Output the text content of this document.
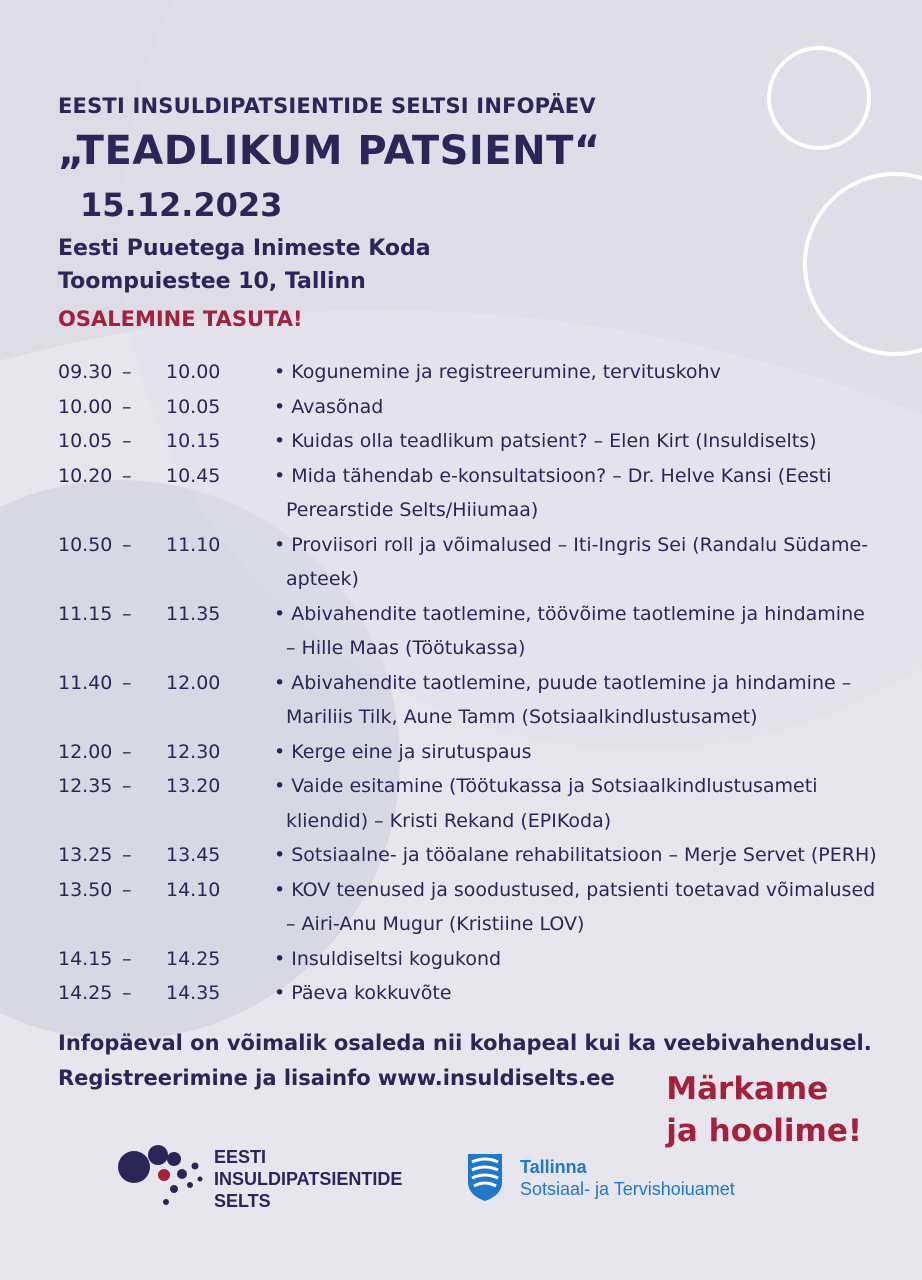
EESTI INSULDIPATSIENTIDE SELTSI INFOPÄEV
„TEADLIKUM PATSIENT“
15.12.2023
Eesti Puuetega Inimeste Koda
Toompuiestee 10, Tallinn
OSALEMINE TASUTA!
09.30 – 10.00	• Kogunemine ja registreerumine, tervituskohv
10.00 – 10.05	• Avasõnad
10.05 – 10.15	• Kuidas olla teadlikum patsient? – Elen Kirt (Insuldiselts)
10.20 – 10.45	• Mida tähendab e-konsultatsioon? – Dr. Helve Kansi (Eesti Perearstide Selts/Hiiumaa)
10.50 – 11.10	• Proviisori roll ja võimalused – Iti-Ingris Sei (Randalu Südame-apteek)
11.15 – 11.35	• Abivahendite taotlemine, töövõime taotlemine ja hindamine – Hille Maas (Töötukassa)
11.40 – 12.00	• Abivahendite taotlemine, puude taotlemine ja hindamine – Mariliis Tilk, Aune Tamm (Sotsiaalkindlustusamet)
12.00 – 12.30	• Kerge eine ja sirutuspaus
12.35 – 13.20	• Vaide esitamine (Töötukassa ja Sotsiaalkindlustusameti kliendid) – Kristi Rekand (EPIKoda)
13.25 – 13.45	• Sotsiaalne- ja tööalane rehabilitatsioon – Merje Servet (PERH)
13.50 – 14.10	• KOV teenused ja soodustused, patsienti toetavad võimalused – Airi-Anu Mugur (Kristiine LOV)
14.15 – 14.25	• Insuldiseltsi kogukond
14.25 – 14.35	• Päeva kokkuvõte
Infopäeval on võimalik osaleda nii kohapeal kui ka veebivahendusel.
Registreerimine ja lisainfo www.insuldiselts.ee	Märkame
ja hoolime!
EESTI
INSULDIPATSIENTIDE
SELTS
Tallinna
Sotsiaal- ja Tervishoiuamet
